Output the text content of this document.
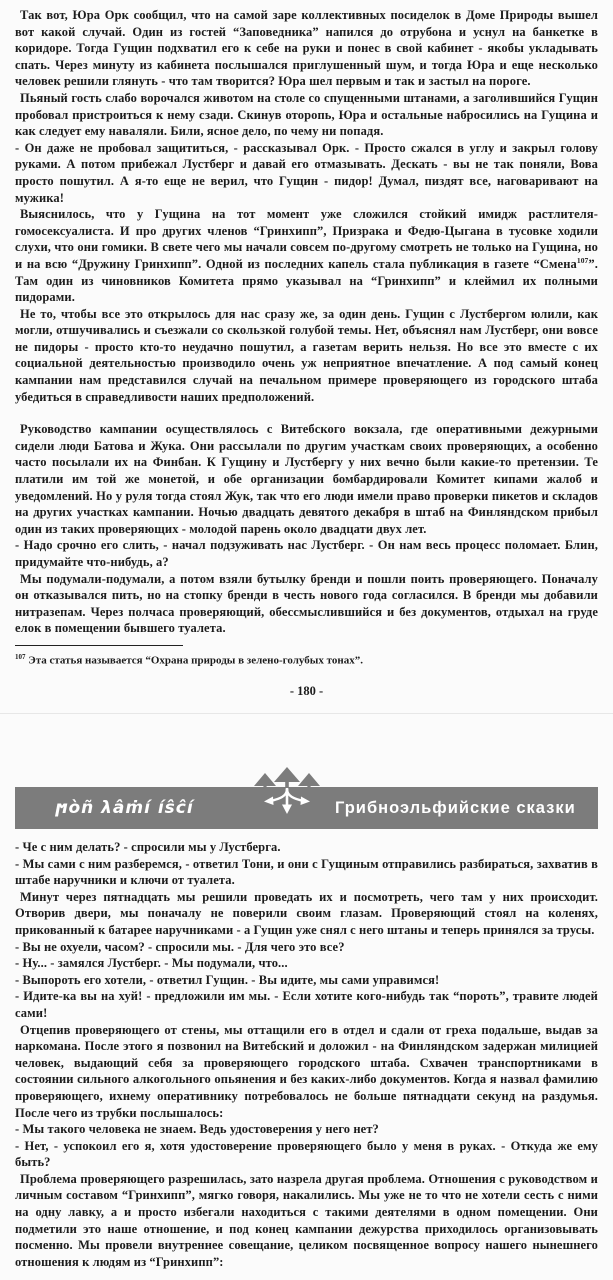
Так вот, Юра Орк сообщил, что на самой заре коллективных посиделок в Доме Природы вышел вот какой случай. Один из гостей “Заповедника” напился до отрубона и уснул на банкетке в коридоре. Тогда Гущин подхватил его к себе на руки и понес в свой кабинет - якобы укладывать спать. Через минуту из кабинета послышался приглушенный шум, и тогда Юра и еще несколько человек решили глянуть - что там творится? Юра шел первым и так и застыл на пороге.

Пьяный гость слабо ворочался животом на столе со спущенными штанами, а заголившийся Гущин пробовал пристроиться к нему сзади. Скинув оторопь, Юра и остальные набросились на Гущина и как следует ему наваляли. Били, ясное дело, по чему ни попадя.

- Он даже не пробовал защититься, - рассказывал Орк. - Просто сжался в углу и закрыл голову руками. А потом прибежал Лустберг и давай его отмазывать. Дескать - вы не так поняли, Вова просто пошутил. А я-то еще не верил, что Гущин - пидор! Думал, пиздят все, наговаривают на мужика!

Выяснилось, что у Гущина на тот момент уже сложился стойкий имидж растлителя-гомосексуалиста. И про других членов “Гринхипп”, Призрака и Федю-Цыгана в тусовке ходили слухи, что они гомики. В свете чего мы начали совсем по-другому смотреть не только на Гущина, но и на всю “Дружину Гринхипп”. Одной из последних капель стала публикация в газете “Смена$^{107}$”. Там один из чиновников Комитета прямо указывал на “Гринхипп” и клеймил их полными пидорами.

Не то, чтобы все это открылось для нас сразу же, за один день. Гущин с Лустбергом юлили, как могли, отшучивались и съезжали со скользкой голубой темы. Нет, объяснял нам Лустберг, они вовсе не пидоры - просто кто-то неудачно пошутил, а газетам верить нельзя. Но все это вместе с их социальной деятельностью производило очень уж неприятное впечатление. А под самый конец кампании нам представился случай на печальном примере проверяющего из городского штаба убедиться в справедливости наших предположений.

Руководство кампании осуществлялось с Витебского вокзала, где оперативными дежурными сидели люди Батова и Жука. Они рассылали по другим участкам своих проверяющих, а особенно часто посылали их на Финбан. К Гущину и Лустбергу у них вечно были какие-то претензии. Те платили им той же монетой, и обе организации бомбардировали Комитет кипами жалоб и уведомлений. Но у руля тогда стоял Жук, так что его люди имели право проверки пикетов и складов на других участках кампании. Ночью двадцать девятого декабря в штаб на Финляндском прибыл один из таких проверяющих - молодой парень около двадцати двух лет.

- Надо срочно его слить, - начал подзуживать нас Лустберг. - Он нам весь процесс поломает. Блин, придумайте что-нибудь, а?

Мы подумали-подумали, а потом взяли бутылку бренди и пошли поить проверяющего. Поначалу он отказывался пить, но на стопку бренди в честь нового года согласился. В бренди мы добавили нитразепам. Через полчаса проверяющий, обессмыслившийся и без документов, отдыхал на груде елок в помещении бывшего туалета.

$^{107}$ Эта статья называется “Охрана природы в зелено-голубых тонах”.

- 180 -
ϻòñ λâṁí íŝĉí	Грибноэльфийские сказки

- Че с ним делать? - спросили мы у Лустберга.

- Мы сами с ним разберемся, - ответил Тони, и они с Гущиным отправились разбираться, захватив в штабе наручники и ключи от туалета.

Минут через пятнадцать мы решили проведать их и посмотреть, чего там у них происходит. Отворив двери, мы поначалу не поверили своим глазам. Проверяющий стоял на коленях, прикованный к батарее наручниками - а Гущин уже снял с него штаны и теперь принялся за трусы.

- Вы не охуели, часом? - спросили мы. - Для чего это все?

- Ну... - замялся Лустберг. - Мы подумали, что...

- Выпороть его хотели, - ответил Гущин. - Вы идите, мы сами управимся!

- Идите-ка вы на хуй! - предложили им мы. - Если хотите кого-нибудь так “пороть”, травите людей сами!

Отцепив проверяющего от стены, мы оттащили его в отдел и сдали от греха подальше, выдав за наркомана. После этого я позвонил на Витебский и доложил - на Финляндском задержан милицией человек, выдающий себя за проверяющего городского штаба. Схвачен транспортниками в состоянии сильного алкогольного опьянения и без каких-либо документов. Когда я назвал фамилию проверяющего, ихнему оперативнику потребовалось не больше пятнадцати секунд на раздумья. После чего из трубки послышалось:

- Мы такого человека не знаем. Ведь удостоверения у него нет?

- Нет, - успокоил его я, хотя удостоверение проверяющего было у меня в руках. - Откуда же ему быть?

Проблема проверяющего разрешилась, зато назрела другая проблема. Отношения с руководством и личным составом “Гринхипп”, мягко говоря, накалились. Мы уже не то что не хотели сесть с ними на одну лавку, а и просто избегали находиться с такими деятелями в одном помещении. Они подметили это наше отношение, и под конец кампании дежурства приходилось организовывать посменно. Мы провели внутреннее совещание, целиком посвященное вопросу нашего нынешнего отношения к людям из “Гринхипп”:
